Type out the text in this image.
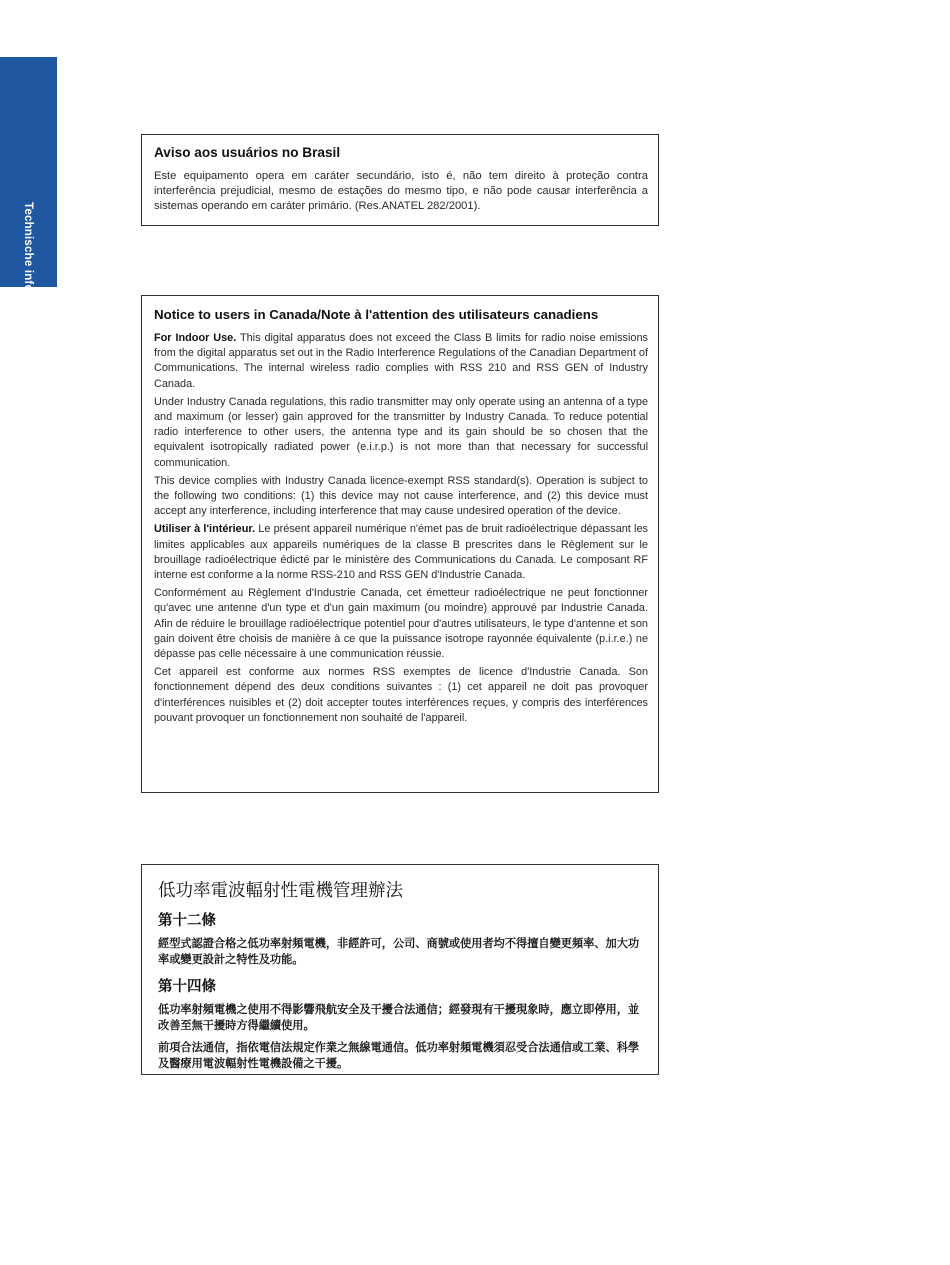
Technische informatie
Aviso aos usuários no Brasil

Este equipamento opera em caráter secundário, isto é, não tem direito à proteção contra interferência prejudicial, mesmo de estações do mesmo tipo, e não pode causar interferência a sistemas operando em caráter primário. (Res.ANATEL 282/2001).

Notice to users in Canada/Note à l'attention des utilisateurs canadiens

For Indoor Use. This digital apparatus does not exceed the Class B limits for radio noise emissions from the digital apparatus set out in the Radio Interference Regulations of the Canadian Department of Communications. The internal wireless radio complies with RSS 210 and RSS GEN of Industry Canada.

Under Industry Canada regulations, this radio transmitter may only operate using an antenna of a type and maximum (or lesser) gain approved for the transmitter by Industry Canada. To reduce potential radio interference to other users, the antenna type and its gain should be so chosen that the equivalent isotropically radiated power (e.i.r.p.) is not more than that necessary for successful communication.

This device complies with Industry Canada licence-exempt RSS standard(s). Operation is subject to the following two conditions: (1) this device may not cause interference, and (2) this device must accept any interference, including interference that may cause undesired operation of the device.

Utiliser à l'intérieur. Le présent appareil numérique n'émet pas de bruit radioélectrique dépassant les limites applicables aux appareils numériques de la classe B prescrites dans le Règlement sur le brouillage radioélectrique édicté par le ministère des Communications du Canada. Le composant RF interne est conforme a la norme RSS-210 and RSS GEN d'Industrie Canada.

Conformément au Règlement d'Industrie Canada, cet émetteur radioélectrique ne peut fonctionner qu'avec une antenne d'un type et d'un gain maximum (ou moindre) approuvé par Industrie Canada. Afin de réduire le brouillage radioélectrique potentiel pour d'autres utilisateurs, le type d'antenne et son gain doivent être choisis de manière à ce que la puissance isotrope rayonnée équivalente (p.i.r.e.) ne dépasse pas celle nécessaire à une communication réussie.

Cet appareil est conforme aux normes RSS exemptes de licence d'Industrie Canada. Son fonctionnement dépend des deux conditions suivantes : (1) cet appareil ne doit pas provoquer d'interférences nuisibles et (2) doit accepter toutes interférences reçues, y compris des interférences pouvant provoquer un fonctionnement non souhaité de l'appareil.

低功率電波輻射性電機管理辦法
第十二條

經型式認證合格之低功率射頻電機，非經許可，公司、商號或使用者均不得擅自變更頻率、加大功率或變更設計之特性及功能。

第十四條

低功率射頻電機之使用不得影響飛航安全及干擾合法通信；經發現有干擾現象時，應立即停用，並改善至無干擾時方得繼續使用。

前項合法通信，指依電信法規定作業之無線電通信。低功率射頻電機須忍受合法通信或工業、科學及醫療用電波輻射性電機設備之干擾。
